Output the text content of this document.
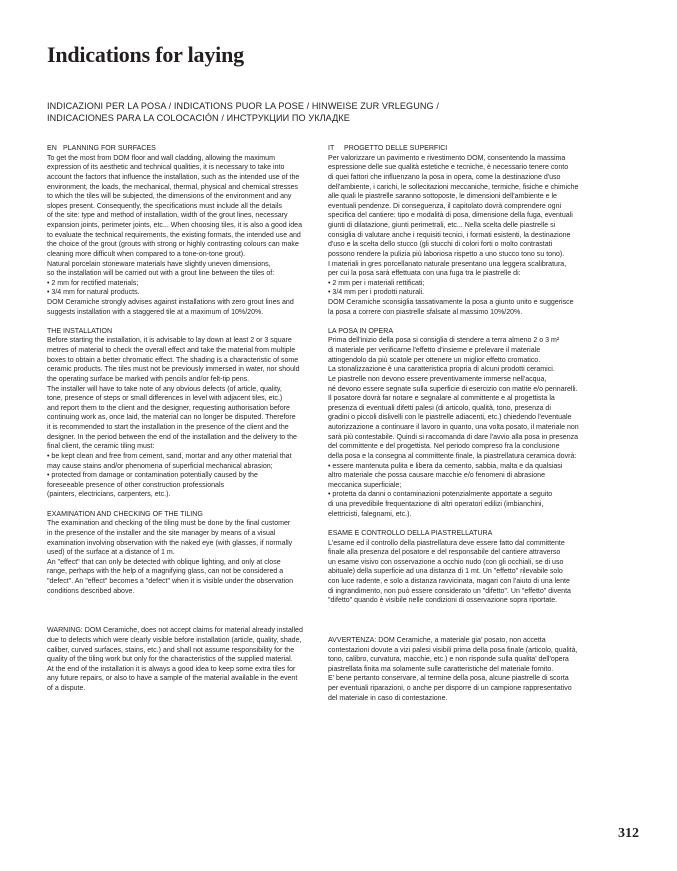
Indications for laying
INDICAZIONI PER LA POSA / INDICATIONS PUOR LA POSE / HINWEISE ZUR VRLEGUNG /
INDICACIONES PARA LA COLOCACIÓN / ИНСТРУКЦИИ ПО УКЛАДКЕ
EN PLANNING FOR SURFACES
To get the most from DOM floor and wall cladding, allowing the maximum
expression of its aesthetic and technical qualities, it is necessary to take into
account the factors that influence the installation, such as the intended use of the
environment, the loads, the mechanical, thermal, physical and chemical stresses
to which the tiles will be subjected, the dimensions of the environment and any
slopes present. Consequently, the specifications must include all the details
of the site: type and method of installation, width of the grout lines, necessary
expansion joints, perimeter joints, etc... When choosing tiles, it is also a good idea
to evaluate the technical requirements, the existing formats, the intended use and
the choice of the grout (grouts with strong or highly contrasting colours can make
cleaning more difficult when compared to a tone-on-tone grout).
Natural porcelain stoneware materials have slightly uneven dimensions,
so the installation will be carried out with a grout line between the tiles of:
• 2 mm for rectified materials;
• 3/4 mm for natural products.
DOM Ceramiche strongly advises against installations with zero grout lines and
suggests installation with a staggered tile at a maximum of 10%/20%.
THE INSTALLATION
Before starting the installation, it is advisable to lay down at least 2 or 3 square
metres of material to check the overall effect and take the material from multiple
boxes to obtain a better chromatic effect. The shading is a characteristic of some
ceramic products. The tiles must not be previously immersed in water, nor should
the operating surface be marked with pencils and/or felt-tip pens.
The installer will have to take note of any obvious defects (of article, quality,
tone, presence of steps or small differences in level with adjacent tiles, etc.)
and report them to the client and the designer, requesting authorisation before
continuing work as, once laid, the material can no longer be disputed. Therefore
it is recommended to start the installation in the presence of the client and the
designer. In the period between the end of the installation and the delivery to the
final client, the ceramic tiling must:
• be kept clean and free from cement, sand, mortar and any other material that
may cause stains and/or phenomena of superficial mechanical abrasion;
• protected from damage or contamination potentially caused by the
foreseeable presence of other construction professionals
(painters, electricians, carpenters, etc.).
EXAMINATION AND CHECKING OF THE TILING
The examination and checking of the tiling must be done by the final customer
in the presence of the installer and the site manager by means of a visual
examination involving observation with the naked eye (with glasses, if normally
used) of the surface at a distance of 1 m.
An "effect" that can only be detected with oblique lighting, and only at close
range, perhaps with the help of a magnifying glass, can not be considered a
"defect". An "effect" becomes a "defect" when it is visible under the observation
conditions described above.
WARNING: DOM Ceramiche, does not accept claims for material already installed
due to defects which were clearly visible before installation (article, quality, shade,
caliber, curved surfaces, stains, etc.) and shall not assume responsibility for the
quality of the tiling work but only for the characteristics of the supplied material.
At the end of the installation it is always a good idea to keep some extra tiles for
any future repairs, or also to have a sample of the material available in the event
of a dispute.
IT PROGETTO DELLE SUPERFICI
Per valorizzare un pavimento e rivestimento DOM, consentendo la massima
espressione delle sue qualità estetiche e tecniche, è necessario tenere conto
di quei fattori che influenzano la posa in opera, come la destinazione d'uso
dell'ambiente, i carichi, le sollecitazioni meccaniche, termiche, fisiche e chimiche
alle quali le piastrelle saranno sottoposte, le dimensioni dell'ambiente e le
eventuali pendenze. Di conseguenza, il capitolato dovrà comprendere ogni
specifica del cantiere: tipo e modalità di posa, dimensione della fuga, eventuali
giunti di dilatazione, giunti perimetrali, etc... Nella scelta delle piastrelle si
consiglia di valutare anche i requisiti tecnici, i formati esistenti, la destinazione
d'uso e la scelta dello stucco (gli stucchi di colori forti o molto contrastati
possono rendere la pulizia più laboriosa rispetto a uno stucco tono su tono).
I materiali in gres porcellanato naturale presentano una leggera scalibratura,
per cui la posa sarà effettuata con una fuga tra le piastrelle di:
• 2 mm per i materiali rettificati;
• 3/4 mm per i prodotti naturali.
DOM Ceramiche sconsiglia tassativamente la posa a giunto unito e suggerisce
la posa a correre con piastrelle sfalsate al massimo 10%/20%.
LA POSA IN OPERA
Prima dell'inizio della posa si consiglia di stendere a terra almeno 2 o 3 m²
di materiale per verificarne l'effetto d'insieme e prelevare il materiale
attingendolo da più scatole per ottenere un miglior effetto cromatico.
La stonalizzazione è una caratteristica propria di alcuni prodotti ceramici.
Le piastrelle non devono essere preventivamente immerse nell'acqua,
né devono essere segnate sulla superficie di esercizio con matite e/o pennarelli.
Il posatore dovrà far notare e segnalare al committente e al progettista la
presenza di eventuali difetti palesi (di articolo, qualità, tono, presenza di
gradini o piccoli dislivelli con le piastrelle adiacenti, etc.) chiedendo l'eventuale
autorizzazione a continuare il lavoro in quanto, una volta posato, il materiale non
sarà più contestabile. Quindi si raccomanda di dare l'avvio alla posa in presenza
del committente e del progettista. Nel periodo compreso fra la conclusione
della posa e la consegna al committente finale, la piastrellatura ceramica dovrà:
• essere mantenuta pulita e libera da cemento, sabbia, malta e da qualsiasi
altro materiale che possa causare macchie e/o fenomeni di abrasione
meccanica superficiale;
• protetta da danni o contaminazioni potenzialmente apportate a seguito
di una prevedibile frequentazione di altri operatori edilizi (imbianchini,
elettricisti, falegnami, etc.).
ESAME E CONTROLLO DELLA PIASTRELLATURA
L'esame ed il controllo della piastrellatura deve essere fatto dal committente
finale alla presenza del posatore e del responsabile del cantiere attraverso
un esame visivo con osservazione a occhio nudo (con gli occhiali, se di uso
abituale) della superficie ad una distanza di 1 mt. Un "effetto" rilevabile solo
con luce radente, e solo a distanza ravvicinata, magari con l'aiuto di una lente
di ingrandimento, non può essere considerato un "difetto". Un "effetto" diventa
"difetto" quando è visibile nelle condizioni di osservazione sopra riportate.
AVVERTENZA: DOM Ceramiche, a materiale gia' posato, non accetta
contestazioni dovute a vizi palesi visibili prima della posa finale (articolo, qualità,
tono, calibro, curvatura, macchie, etc.) e non risponde sulla qualita' dell'opera
piastrellata finita ma solamente sulle caratteristiche del materiale fornito.
E' bene pertanto conservare, al termine della posa, alcune piastrelle di scorta
per eventuali riparazioni, o anche per disporre di un campione rappresentativo
del materiale in caso di contestazione.
312
